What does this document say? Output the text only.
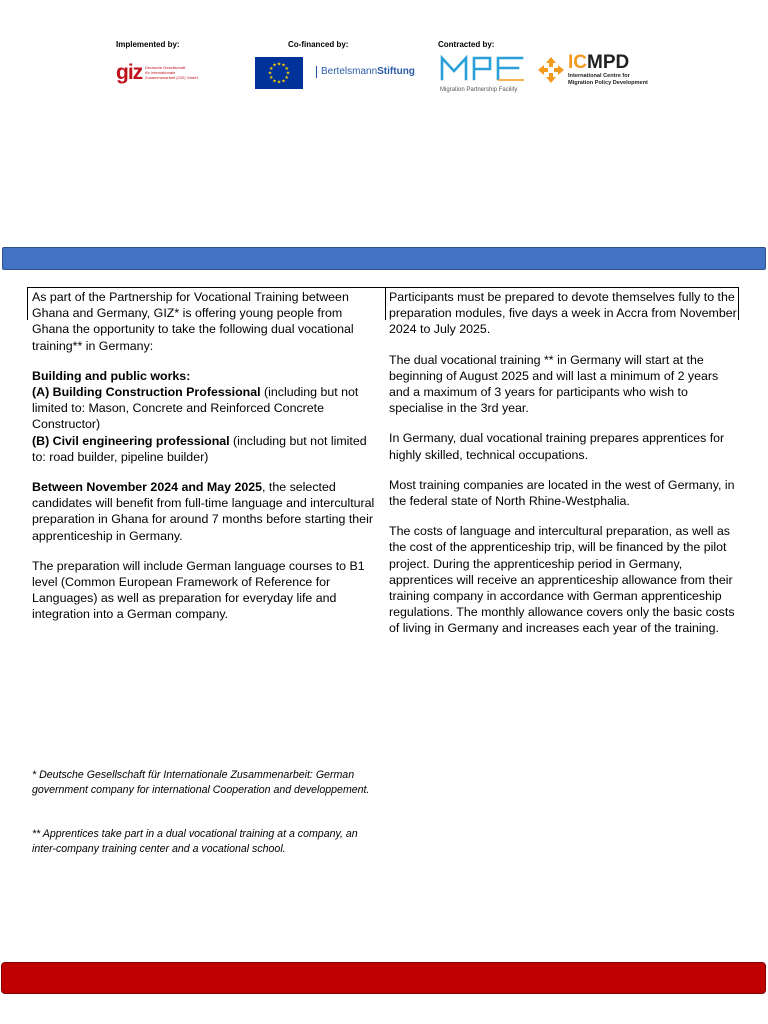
Implemented by:	Co-financed by:	Contracted by:
giz Deutsche Gesellschaft
für Internationale
Zusammenarbeit (GIZ) GmbH
★ ★
★
★
★
★
★
★
★
★
★
★
BertelsmannStiftung
Migration Partnership Facility
ICMPD
International Centre for
Migration Policy Development

As part of the Partnership for Vocational Training between Ghana and Germany, GIZ* is offering young people from Ghana the opportunity to take the following dual vocational training** in Germany:

Building and public works:
(A) Building Construction Professional (including but not limited to: Mason, Concrete and Reinforced Concrete Constructor)
(B) Civil engineering professional (including but not limited to: road builder, pipeline builder)

Between November 2024 and May 2025, the selected candidates will benefit from full-time language and intercultural preparation in Ghana for around 7 months before starting their apprenticeship in Germany.

The preparation will include German language courses to B1 level (Common European Framework of Reference for Languages) as well as preparation for everyday life and integration into a German company.

Participants must be prepared to devote themselves fully to the preparation modules, five days a week in Accra from November 2024 to July 2025.

The dual vocational training ** in Germany will start at the beginning of August 2025 and will last a minimum of 2 years and a maximum of 3 years for participants who wish to specialise in the 3rd year.

In Germany, dual vocational training prepares apprentices for highly skilled, technical occupations.

Most training companies are located in the west of Germany, in the federal state of North Rhine-Westphalia.

The costs of language and intercultural preparation, as well as the cost of the apprenticeship trip, will be financed by the pilot project. During the apprenticeship period in Germany, apprentices will receive an apprenticeship allowance from their training company in accordance with German apprenticeship regulations. The monthly allowance covers only the basic costs of living in Germany and increases each year of the training.

* Deutsche Gesellschaft für Internationale Zusammenarbeit: German government company for international Cooperation and developpement.
** Apprentices take part in a dual vocational training at a company, an inter-company training center and a vocational school.
